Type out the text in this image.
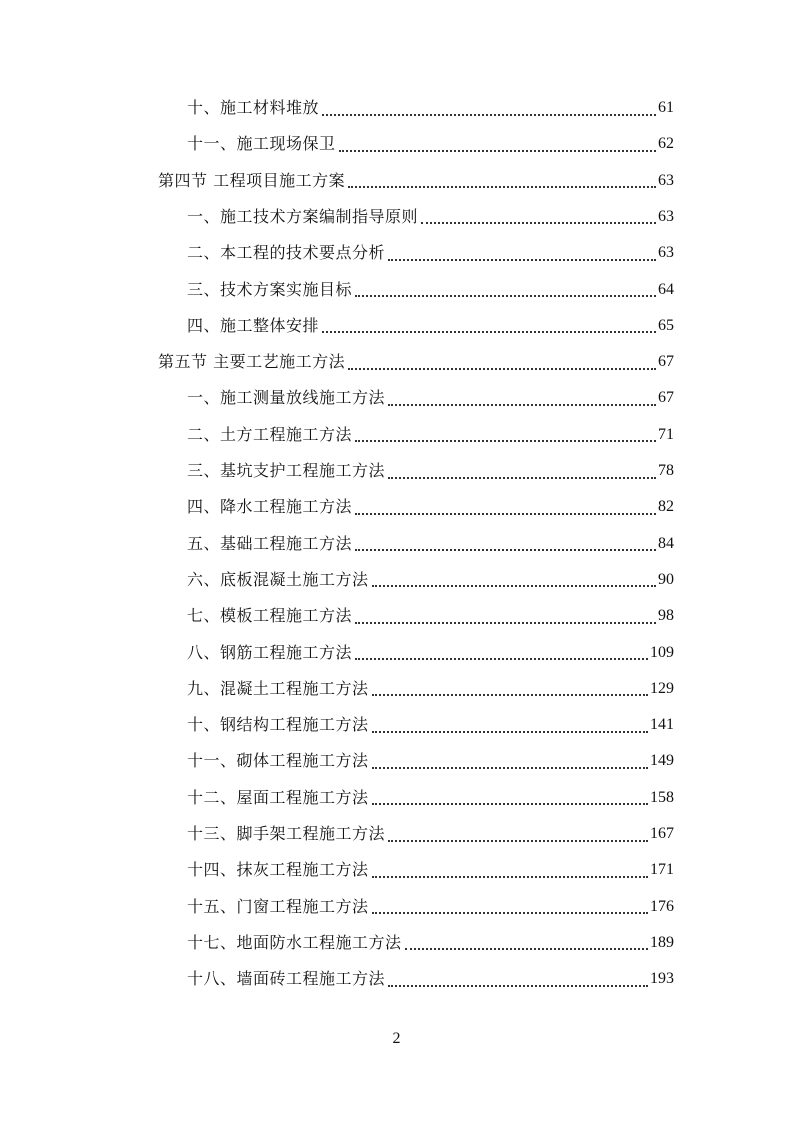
十、施工材料堆放	61
十一、施工现场保卫	62
第四节 工程项目施工方案	63
一、施工技术方案编制指导原则	63
二、本工程的技术要点分析	63
三、技术方案实施目标	64
四、施工整体安排	65
第五节 主要工艺施工方法	67
一、施工测量放线施工方法	67
二、土方工程施工方法	71
三、基坑支护工程施工方法	78
四、降水工程施工方法	82
五、基础工程施工方法	84
六、底板混凝土施工方法	90
七、模板工程施工方法	98
八、钢筋工程施工方法	109
九、混凝土工程施工方法	129
十、钢结构工程施工方法	141
十一、砌体工程施工方法	149
十二、屋面工程施工方法	158
十三、脚手架工程施工方法	167
十四、抹灰工程施工方法	171
十五、门窗工程施工方法	176
十七、地面防水工程施工方法	189
十八、墙面砖工程施工方法	193
2
